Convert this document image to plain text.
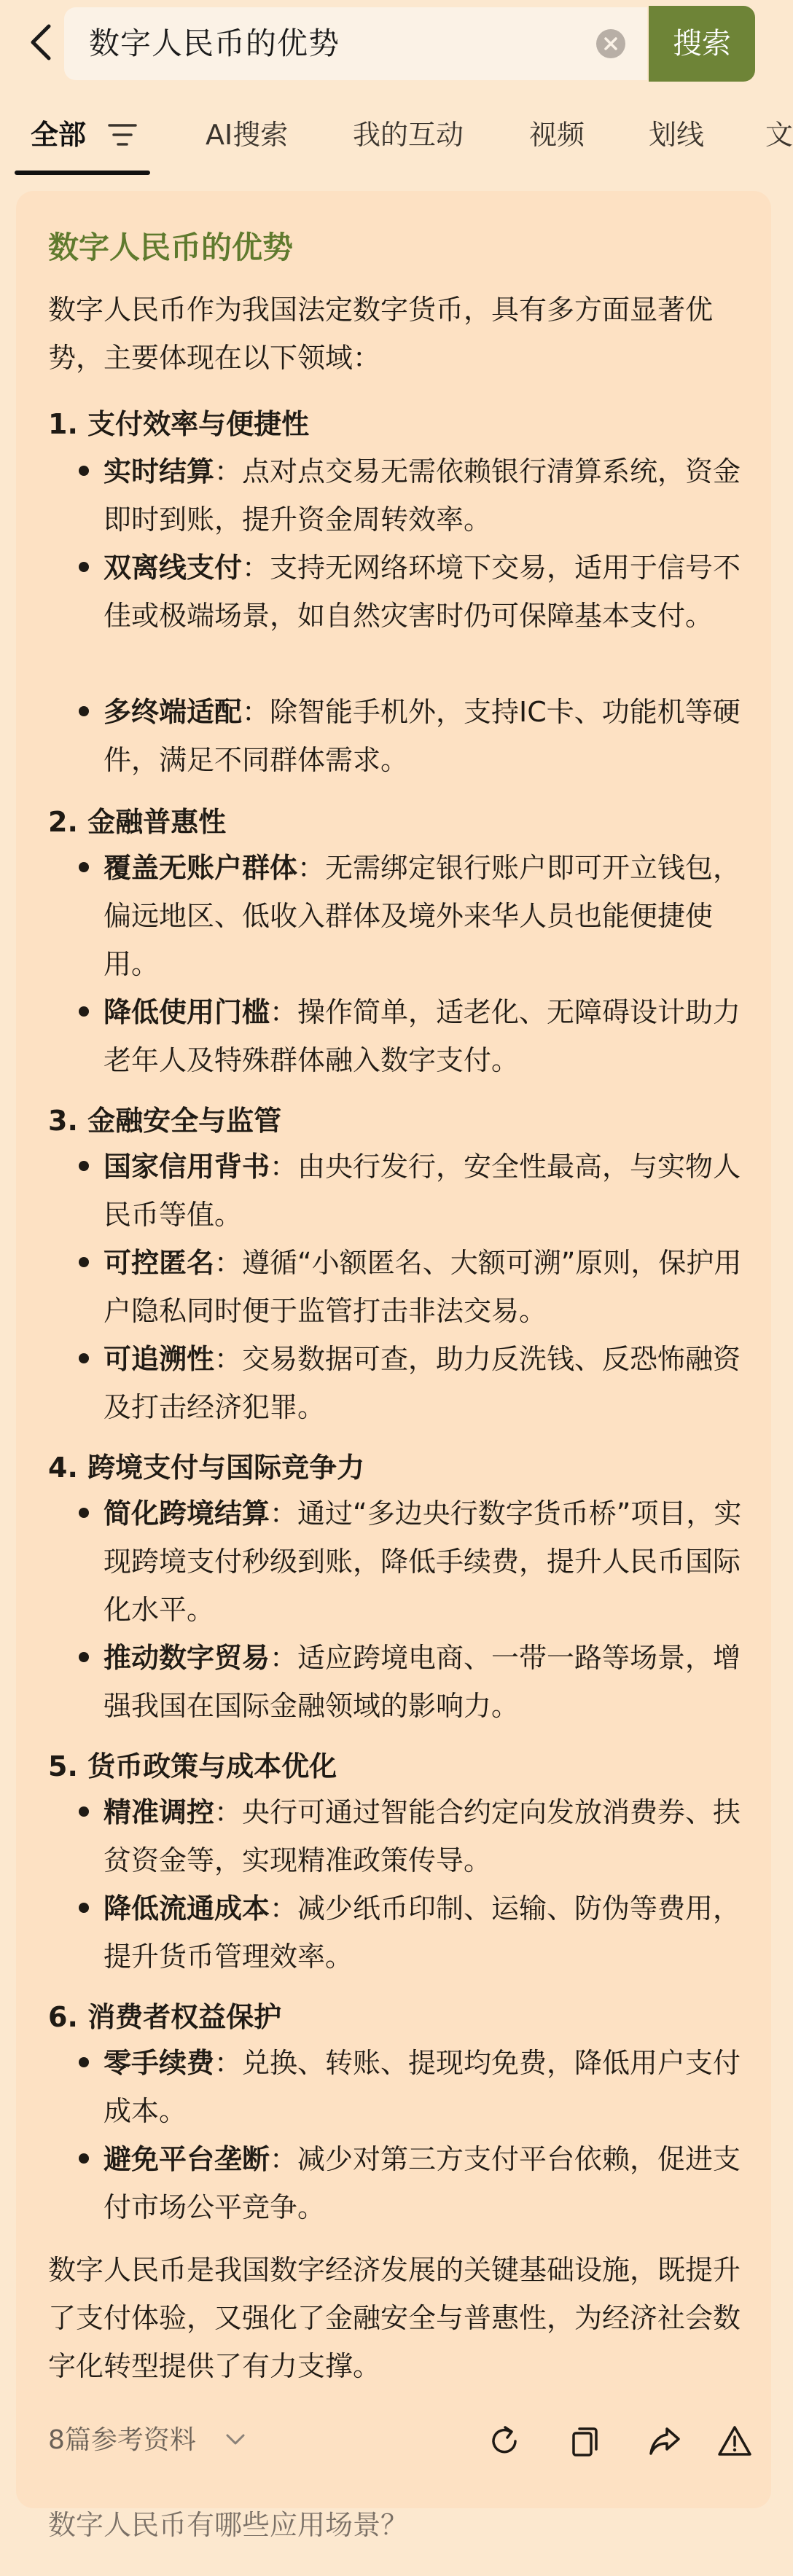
数字人民币的优势	搜索
全部	AI搜索 我的互动 视频 划线 文
数字人民币的优势
数字人民币作为我国法定数字货币，具有多方面显著优势，主要体现在以下领域：
1. 支付效率与便捷性
实时结算：点对点交易无需依赖银行清算系统，资金即时到账，提升资金周转效率。
双离线支付：支持无网络环境下交易，适用于信号不佳或极端场景，如自然灾害时仍可保障基本支付。
多终端适配：除智能手机外，支持IC卡、功能机等硬件，满足不同群体需求。
2. 金融普惠性
覆盖无账户群体：无需绑定银行账户即可开立钱包，偏远地区、低收入群体及境外来华人员也能便捷使用。
降低使用门槛：操作简单，适老化、无障碍设计助力老年人及特殊群体融入数字支付。
3. 金融安全与监管
国家信用背书：由央行发行，安全性最高，与实物人民币等值。
可控匿名：遵循“小额匿名、大额可溯”原则，保护用户隐私同时便于监管打击非法交易。
可追溯性：交易数据可查，助力反洗钱、反恐怖融资及打击经济犯罪。
4. 跨境支付与国际竞争力
简化跨境结算：通过“多边央行数字货币桥”项目，实现跨境支付秒级到账，降低手续费，提升人民币国际化水平。
推动数字贸易：适应跨境电商、一带一路等场景，增强我国在国际金融领域的影响力。
5. 货币政策与成本优化
精准调控：央行可通过智能合约定向发放消费券、扶贫资金等，实现精准政策传导。
降低流通成本：减少纸币印制、运输、防伪等费用，提升货币管理效率。
6. 消费者权益保护
零手续费：兑换、转账、提现均免费，降低用户支付成本。
避免平台垄断：减少对第三方支付平台依赖，促进支付市场公平竞争。
数字人民币是我国数字经济发展的关键基础设施，既提升了支付体验，又强化了金融安全与普惠性，为经济社会数字化转型提供了有力支撑。
8篇参考资料
数字人民币有哪些应用场景？
